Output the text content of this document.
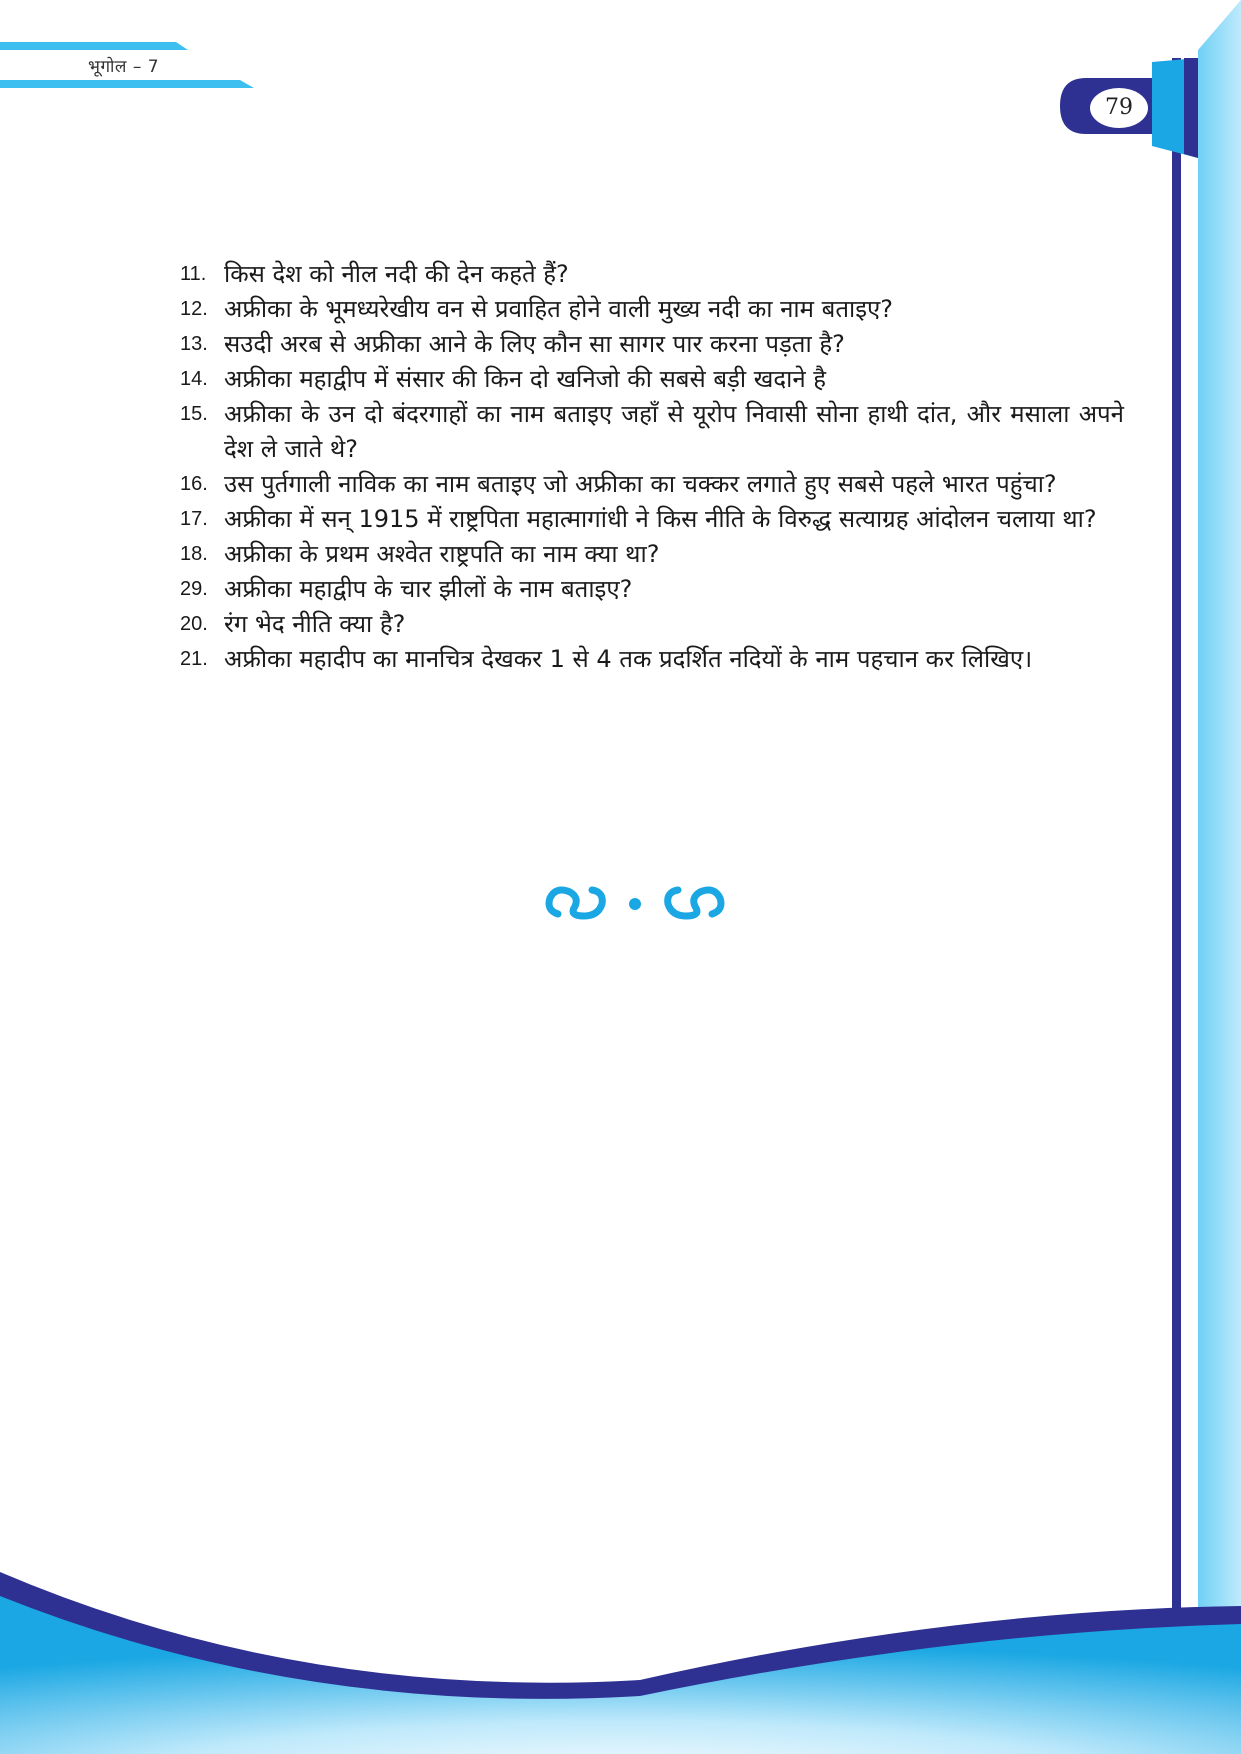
भूगोल – 7
79
11. किस देश को नील नदी की देन कहते हैं?
12. अफ्रीका के भूमध्यरेखीय वन से प्रवाहित होने वाली मुख्य नदी का नाम बताइए?
13. सउदी अरब से अफ्रीका आने के लिए कौन सा सागर पार करना पड़ता है?
14. अफ्रीका महाद्वीप में संसार की किन दो खनिजो की सबसे बड़ी खदाने है
15. अफ्रीका के उन दो बंदरगाहों का नाम बताइए जहाँ से यूरोप निवासी सोना हाथी दांत, और मसाला अपने देश ले जाते थे?
16. उस पुर्तगाली नाविक का नाम बताइए जो अफ्रीका का चक्कर लगाते हुए सबसे पहले भारत पहुंचा?
17. अफ्रीका में सन् 1915 में राष्ट्रपिता महात्मागांधी ने किस नीति के विरुद्ध सत्याग्रह आंदोलन चलाया था?
18. अफ्रीका के प्रथम अश्वेत राष्ट्रपति का नाम क्या था?
29. अफ्रीका महाद्वीप के चार झीलों के नाम बताइए?
20. रंग भेद नीति क्या है?
21. अफ्रीका महादीप का मानचित्र देखकर 1 से 4 तक प्रदर्शित नदियों के नाम पहचान कर लिखिए।
